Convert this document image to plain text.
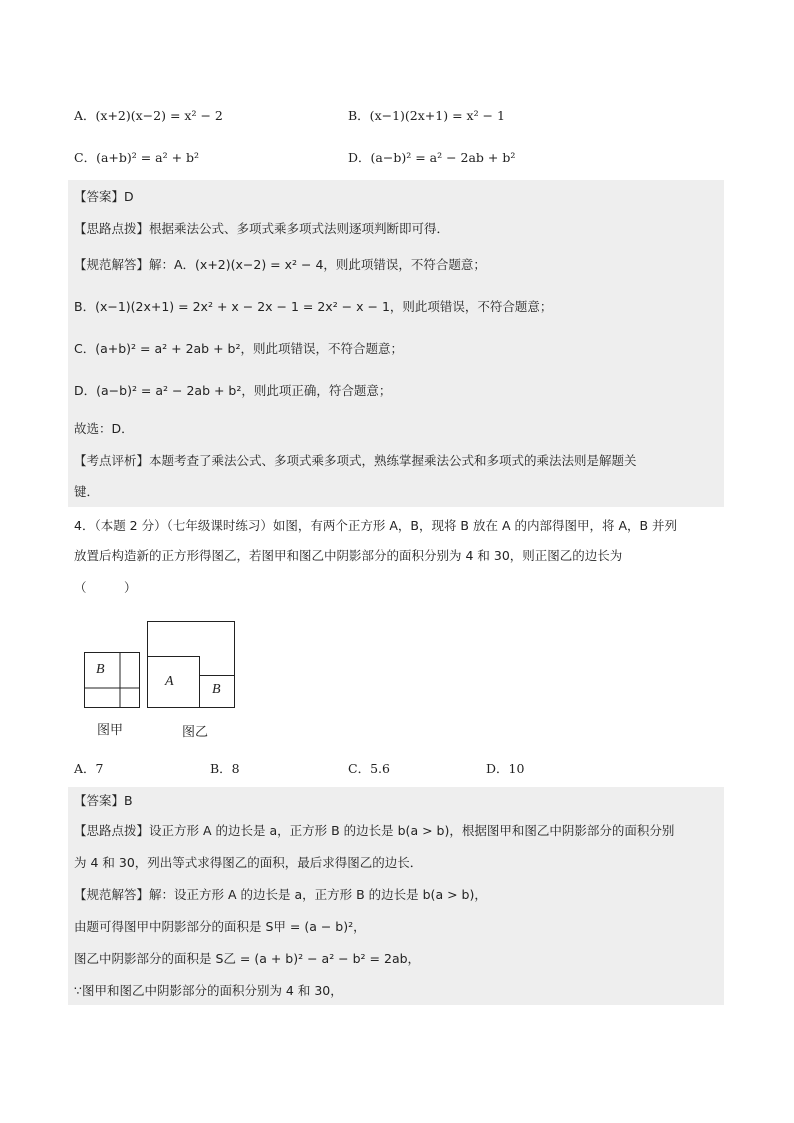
A．(x+2)(x−2) = x² − 2	B．(x−1)(2x+1) = x² − 1
C．(a+b)² = a² + b²	D．(a−b)² = a² − 2ab + b²
【答案】D
【思路点拨】根据乘法公式、多项式乘多项式法则逐项判断即可得．
【规范解答】解：A．(x+2)(x−2) = x² − 4，则此项错误，不符合题意；
B．(x−1)(2x+1) = 2x² + x − 2x − 1 = 2x² − x − 1，则此项错误，不符合题意；
C．(a+b)² = a² + 2ab + b²，则此项错误，不符合题意；
D．(a−b)² = a² − 2ab + b²，则此项正确，符合题意；
故选：D．
【考点评析】本题考查了乘法公式、多项式乘多项式，熟练掌握乘法公式和多项式的乘法法则是解题关
键．
4．（本题 2 分）（七年级课时练习）如图，有两个正方形 A，B，现将 B 放在 A 的内部得图甲，将 A，B 并列
放置后构造新的正方形得图乙，若图甲和图乙中阴影部分的面积分别为 4 和 30，则正图乙的边长为
（　　　）
B
图甲
A
B
图乙
A．7	B．8	C．5.6	D．10
【答案】B
【思路点拨】设正方形 A 的边长是 a，正方形 B 的边长是 b(a > b)，根据图甲和图乙中阴影部分的面积分别
为 4 和 30，列出等式求得图乙的面积，最后求得图乙的边长．
【规范解答】解：设正方形 A 的边长是 a，正方形 B 的边长是 b(a > b)，
由题可得图甲中阴影部分的面积是 S甲 = (a − b)²，
图乙中阴影部分的面积是 S乙 = (a + b)² − a² − b² = 2ab，
∵图甲和图乙中阴影部分的面积分别为 4 和 30，
